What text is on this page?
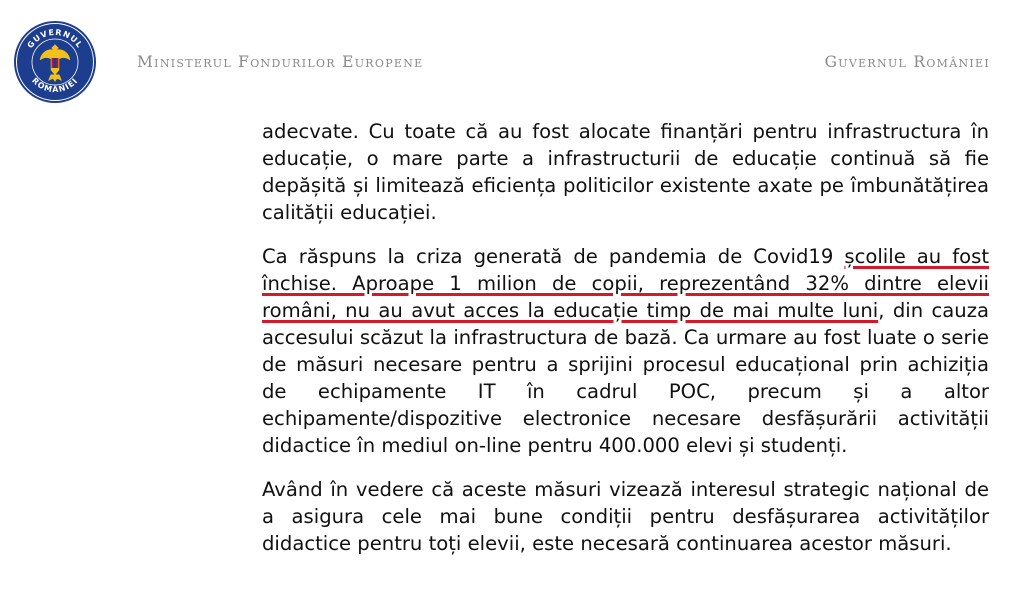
GUVERNUL
ROMÂNIEI
Ministerul Fondurilor Europene	Guvernul României

adecvate. Cu toate că au fost alocate finanțări pentru infrastructura în educație, o mare parte a infrastructurii de educație continuă să fie depășită și limitează eficiența politicilor existente axate pe îmbunătățirea calității educației.

Ca răspuns la criza generată de pandemia de Covid19 școlile au fost închise. Aproape 1 milion de copii, reprezentând 32% dintre elevii români, nu au avut acces la educație timp de mai multe luni, din cauza accesului scăzut la infrastructura de bază. Ca urmare au fost luate o serie de măsuri necesare pentru a sprijini procesul educațional prin achiziția de echipamente IT în cadrul POC, precum și a altor echipamente/dispozitive electronice necesare desfășurării activității didactice în mediul on-line pentru 400.000 elevi și studenți.

Având în vedere că aceste măsuri vizează interesul strategic național de a asigura cele mai bune condiții pentru desfășurarea activităților didactice pentru toți elevii, este necesară continuarea acestor măsuri.
